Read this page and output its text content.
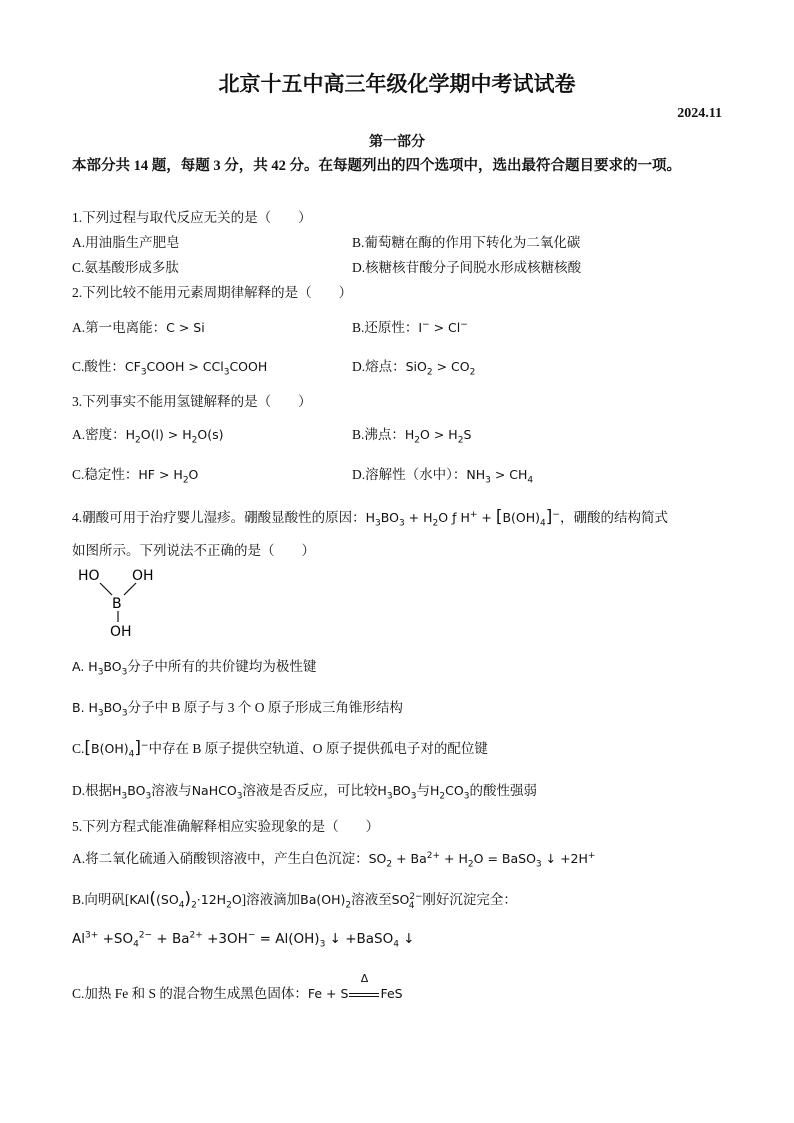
北京十五中高三年级化学期中考试试卷
2024.11
第一部分
本部分共 14 题，每题 3 分，共 42 分。在每题列出的四个选项中，选出最符合题目要求的一项。
1.下列过程与取代反应无关的是（　　）
A.用油脂生产肥皂	B.葡萄糖在酶的作用下转化为二氧化碳
C.氨基酸形成多肽	D.核糖核苷酸分子间脱水形成核糖核酸
2.下列比较不能用元素周期律解释的是（　　）
A.第一电离能：C > Si	B.还原性：I− > Cl−
C.酸性：$CF_3COOH$ > CCl$_3$COOH	D.熔点：$SiO_2 > CO_2$
3.下列事实不能用氢键解释的是（　　）
A.密度：$H_2O(l) > H_2O(s)$	B.沸点：$H_2O > H_2S$
C.稳定性：HF > $H_2O$	D.溶解性（水中）：$NH_3 > CH_4$
4.硼酸可用于治疗婴儿湿疹。硼酸显酸性的原因：$H_3BO_3 + H_2O$ ƒ $H^+ + [B(OH)_4]^-$，硼酸的结构简式
如图所示。下列说法不正确的是（　　）
HO OH
B
OH
A. $H_3BO_3$分子中所有的共价键均为极性键
B. $H_3BO_3$分子中 B 原子与 3 个 O 原子形成三角锥形结构
$C.[B(OH)_4]^-$中存在 B 原子提供空轨道、O 原子提供孤电子对的配位键
D.根据$H_3BO_3$溶液与NaHCO$_3$溶液是否反应，可比较$H_3BO_3$与$H_2CO_3$的酸性强弱
5.下列方程式能准确解释相应实验现象的是（　　）
A.将二氧化硫通入硝酸钡溶液中，产生白色沉淀：$SO_2 + Ba^{2+} + H_2O$ = BaSO$_3$ ↓ +2H+
B.向明矾[$KAl((SO_4)_2\cdot 12H_2O]$溶液滴加$Ba(OH)_2$溶液至$SO^{2-}_4$ 刚好沉淀完全：
$Al^{3+} +SO_4^{2-} + Ba^{2+} +3OH^- = Al(OH)_3$ ↓ +BaSO$_4$ ↓
C.加热 Fe 和 S 的混合物生成黑色固体：Fe + S
Δ
FeS
